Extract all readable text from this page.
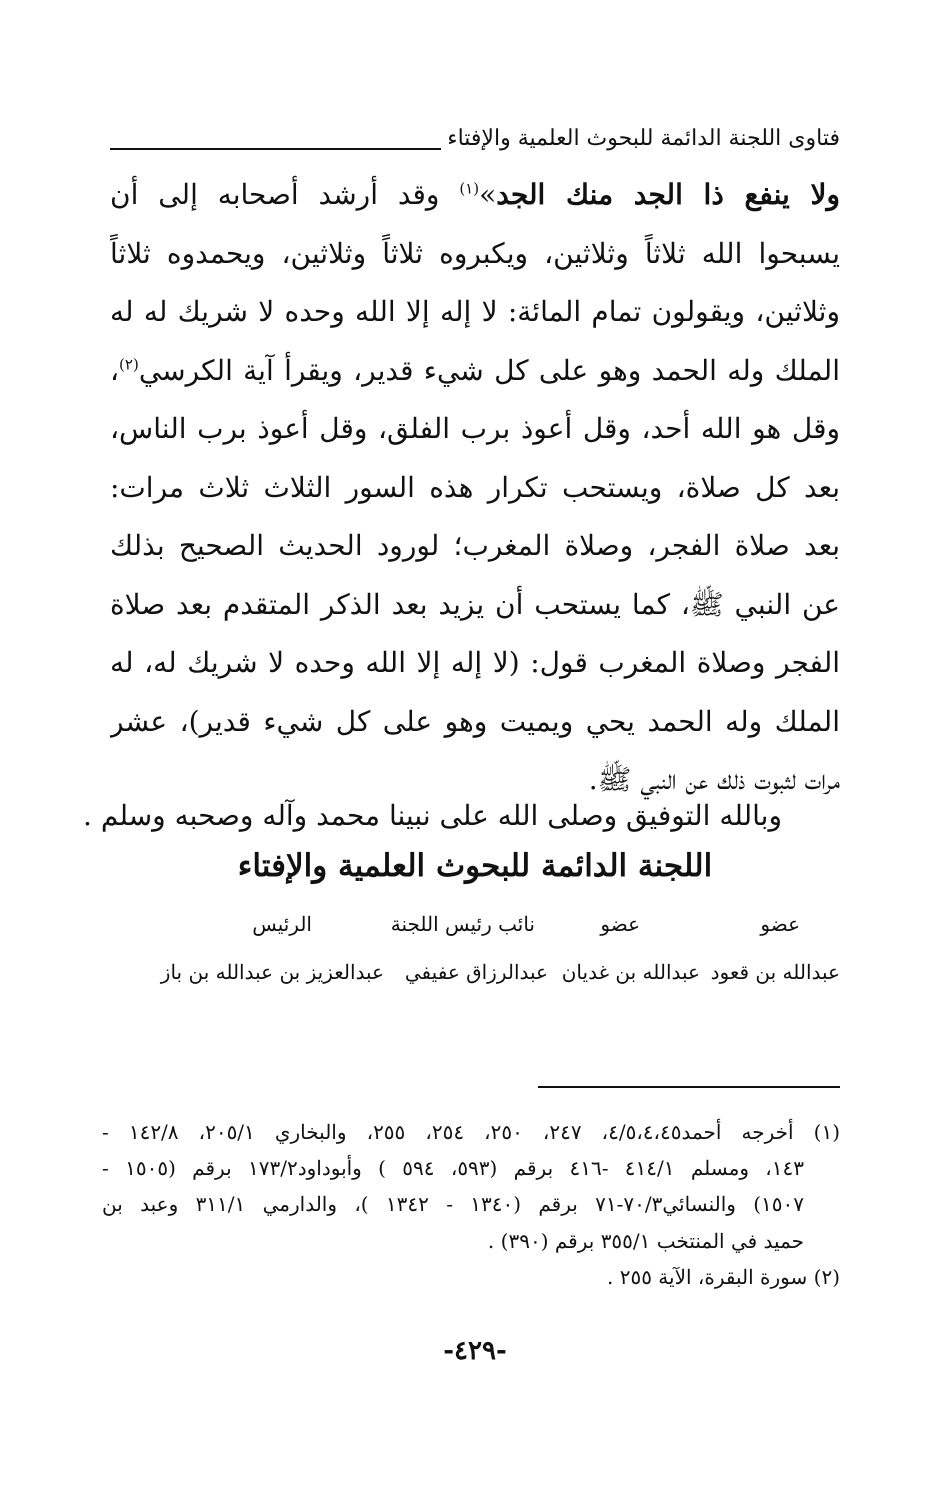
فتاوى اللجنة الدائمة للبحوث العلمية والإفتاء
ولا ينفع ذا الجد منك الجد»$^{(١)}$ وقد أرشد أصحابه إلى أن
يسبحوا الله ثلاثاً وثلاثين، ويكبروه ثلاثاً وثلاثين، ويحمدوه ثلاثاً
وثلاثين، ويقولون تمام المائة: لا إله إلا الله وحده لا شريك له له
الملك وله الحمد وهو على كل شيء قدير، ويقرأ آية الكرسي$^{(٢)}$،
وقل هو الله أحد، وقل أعوذ برب الفلق، وقل أعوذ برب الناس،
بعد كل صلاة، ويستحب تكرار هذه السور الثلاث ثلاث مرات:
بعد صلاة الفجر، وصلاة المغرب؛ لورود الحديث الصحيح بذلك
عن النبي ﷺ، كما يستحب أن يزيد بعد الذكر المتقدم بعد صلاة
الفجر وصلاة المغرب قول: (لا إله إلا الله وحده لا شريك له، له
الملك وله الحمد يحي ويميت وهو على كل شيء قدير)، عشر
مرات لثبوت ذلك عن النبي ﷺ.
وبالله التوفيق وصلى الله على نبينا محمد وآله وصحبه وسلم .
اللجنة الدائمة للبحوث العلمية والإفتاء
عضو
عضو
نائب رئيس اللجنة
الرئيس
عبدالله بن قعود
عبدالله بن غديان
عبدالرزاق عفيفي
عبدالعزيز بن عبدالله بن باز
(١) أخرجه أحمد٤/٥،٤،٤٥، ٢٤٧، ٢٥٠، ٢٥٤، ٢٥٥، والبخاري ٢٠٥/١، ١٤٢/٨ -
١٤٣، ومسلم ٤١٤/١ -٤١٦ برقم (٥٩٣، ٥٩٤ ) وأبوداود١٧٣/٢ برقم (١٥٠٥ -
١٥٠٧) والنسائي٧٠/٣-٧١ برقم (١٣٤٠ - ١٣٤٢ )، والدارمي ٣١١/١ وعبد بن
حميد في المنتخب ٣٥٥/١ برقم (٣٩٠) .
(٢) سورة البقرة، الآية ٢٥٥ .
-٤٢٩-
